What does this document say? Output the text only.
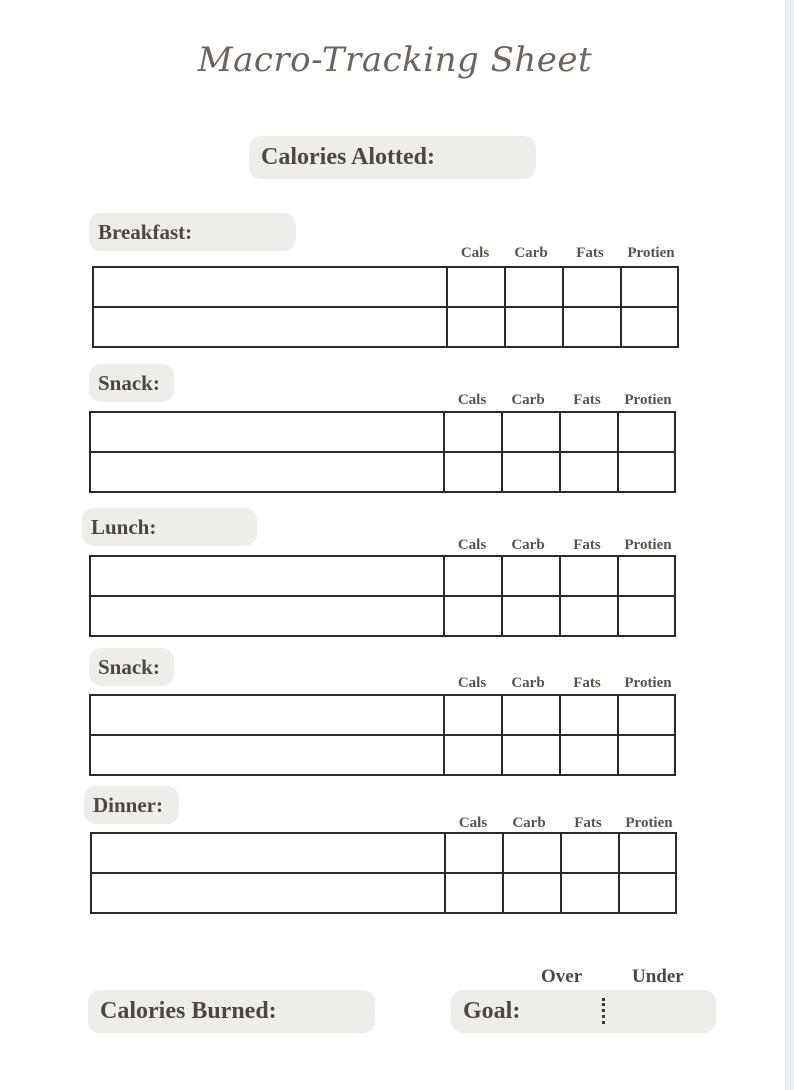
Macro-Tracking Sheet
Calories Alotted:
Breakfast:
Cals	Carb	Fats	Protien

Snack:
Cals	Carb	Fats	Protien

Lunch:
Cals	Carb	Fats	Protien

Snack:
Cals	Carb	Fats	Protien

Dinner:
Cals	Carb	Fats	Protien

Over	Under
Calories Burned:	Goal:
